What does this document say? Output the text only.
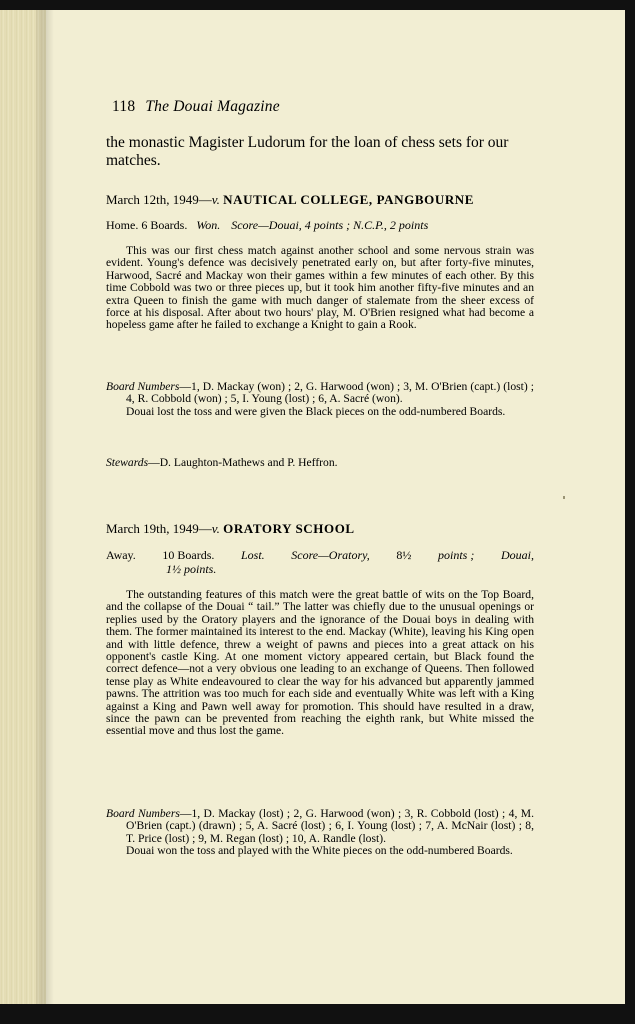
118 The Douai Magazine
the monastic Magister Ludorum for the loan of chess sets for our matches.
March 12th, 1949—v. NAUTICAL COLLEGE, PANGBOURNE
Home. 6 Boards. Won. Score—Douai, 4 points ; N.C.P., 2 points

This was our first chess match against another school and some nervous strain was evident. Young's defence was decisively penetrated early on, but after forty-five minutes, Harwood, Sacré and Mackay won their games within a few minutes of each other. By this time Cobbold was two or three pieces up, but it took him another fifty-five minutes and an extra Queen to finish the game with much danger of stalemate from the sheer excess of force at his disposal. After about two hours' play, M. O'Brien resigned what had become a hopeless game after he failed to exchange a Knight to gain a Rook.

Board Numbers—1, D. Mackay (won) ; 2, G. Harwood (won) ; 3, M. O'Brien (capt.) (lost) ; 4, R. Cobbold (won) ; 5, I. Young (lost) ; 6, A. Sacré (won).

Douai lost the toss and were given the Black pieces on the odd-numbered Boards.

Stewards—D. Laughton-Mathews and P. Heffron.
March 19th, 1949—v. ORATORY SCHOOL
Away. 10 Boards. Lost. Score—Oratory, 8½ points ; Douai,
1½ points.

The outstanding features of this match were the great battle of wits on the Top Board, and the collapse of the Douai “ tail.” The latter was chiefly due to the unusual openings or replies used by the Oratory players and the ignorance of the Douai boys in dealing with them. The former maintained its interest to the end. Mackay (White), leaving his King open and with little defence, threw a weight of pawns and pieces into a great attack on his opponent's castle King. At one moment victory appeared certain, but Black found the correct defence—not a very obvious one leading to an exchange of Queens. Then followed tense play as White endeavoured to clear the way for his advanced but apparently jammed pawns. The attrition was too much for each side and eventually White was left with a King against a King and Pawn well away for promotion. This should have resulted in a draw, since the pawn can be prevented from reaching the eighth rank, but White missed the essential move and thus lost the game.

Board Numbers—1, D. Mackay (lost) ; 2, G. Harwood (won) ; 3, R. Cobbold (lost) ; 4, M. O'Brien (capt.) (drawn) ; 5, A. Sacré (lost) ; 6, I. Young (lost) ; 7, A. McNair (lost) ; 8, T. Price (lost) ; 9, M. Regan (lost) ; 10, A. Randle (lost).

Douai won the toss and played with the White pieces on the odd-numbered Boards.
